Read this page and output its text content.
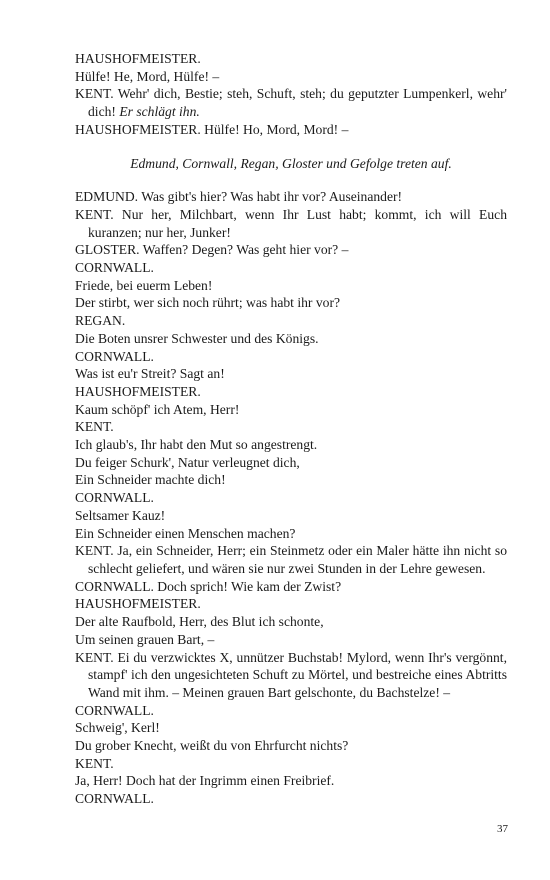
HAUSHOFMEISTER.
Hülfe! He, Mord, Hülfe! –
KENT. Wehr' dich, Bestie; steh, Schuft, steh; du geputzter Lumpenkerl, wehr' dich! Er schlägt ihn.
HAUSHOFMEISTER. Hülfe! Ho, Mord, Mord! –
Edmund, Cornwall, Regan, Gloster und Gefolge treten auf.
EDMUND. Was gibt's hier? Was habt ihr vor? Auseinander!
KENT. Nur her, Milchbart, wenn Ihr Lust habt; kommt, ich will Euch kuranzen; nur her, Junker!
GLOSTER. Waffen? Degen? Was geht hier vor? –
CORNWALL.
Friede, bei euerm Leben!
Der stirbt, wer sich noch rührt; was habt ihr vor?
REGAN.
Die Boten unsrer Schwester und des Königs.
CORNWALL.
Was ist eu'r Streit? Sagt an!
HAUSHOFMEISTER.
Kaum schöpf' ich Atem, Herr!
KENT.
Ich glaub's, Ihr habt den Mut so angestrengt.
Du feiger Schurk', Natur verleugnet dich,
Ein Schneider machte dich!
CORNWALL.
Seltsamer Kauz!
Ein Schneider einen Menschen machen?
KENT. Ja, ein Schneider, Herr; ein Steinmetz oder ein Maler hätte ihn nicht so schlecht geliefert, und wären sie nur zwei Stunden in der Lehre gewesen.
CORNWALL. Doch sprich! Wie kam der Zwist?
HAUSHOFMEISTER.
Der alte Raufbold, Herr, des Blut ich schonte,
Um seinen grauen Bart, –
KENT. Ei du verzwicktes X, unnützer Buchstab! Mylord, wenn Ihr's vergönnt, stampf' ich den ungesichteten Schuft zu Mörtel, und bestreiche eines Abtritts Wand mit ihm. – Meinen grauen Bart gelschonte, du Bachstelze! –
CORNWALL.
Schweig', Kerl!
Du grober Knecht, weißt du von Ehrfurcht nichts?
KENT.
Ja, Herr! Doch hat der Ingrimm einen Freibrief.
CORNWALL.
37
